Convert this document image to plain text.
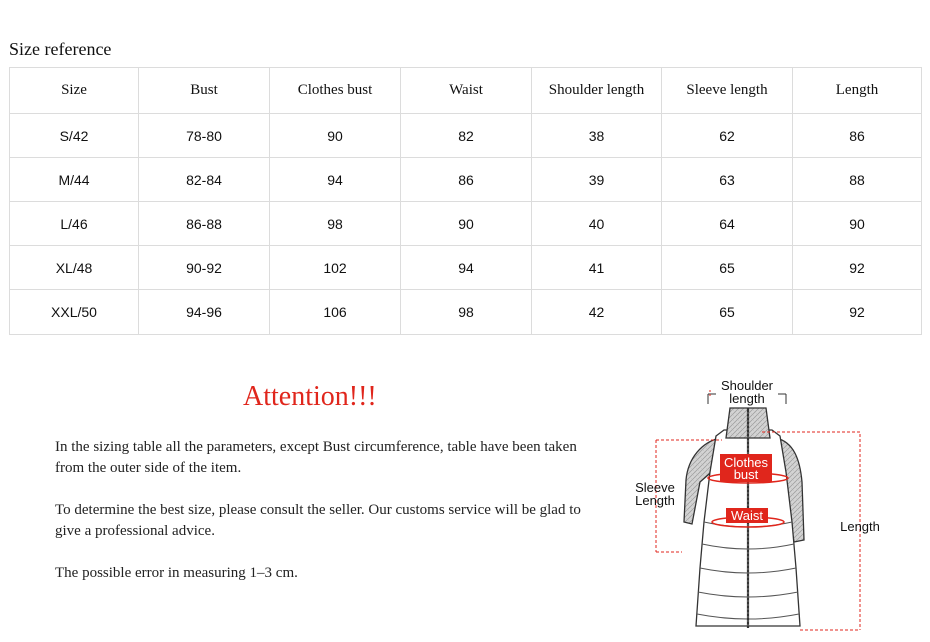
Size reference
Size	Bust	Clothes bust	Waist	Shoulder length	Sleeve length	Length
S/42	78-80	90	82	38	62	86
M/44	82-84	94	86	39	63	88
L/46	86-88	98	90	40	64	90
XL/48	90-92	102	94	41	65	92
XXL/50	94-96	106	98	42	65	92
Attention!!!
In the sizing table all the parameters, except Bust circumference, table have been taken from the outer side of the item.
To determine the best size, please consult the seller. Our customs service will be glad to give a professional advice.
The possible error in measuring 1–3 cm.
Shoulder
length
Sleeve
Length
Length
Clothes
bust
Waist
